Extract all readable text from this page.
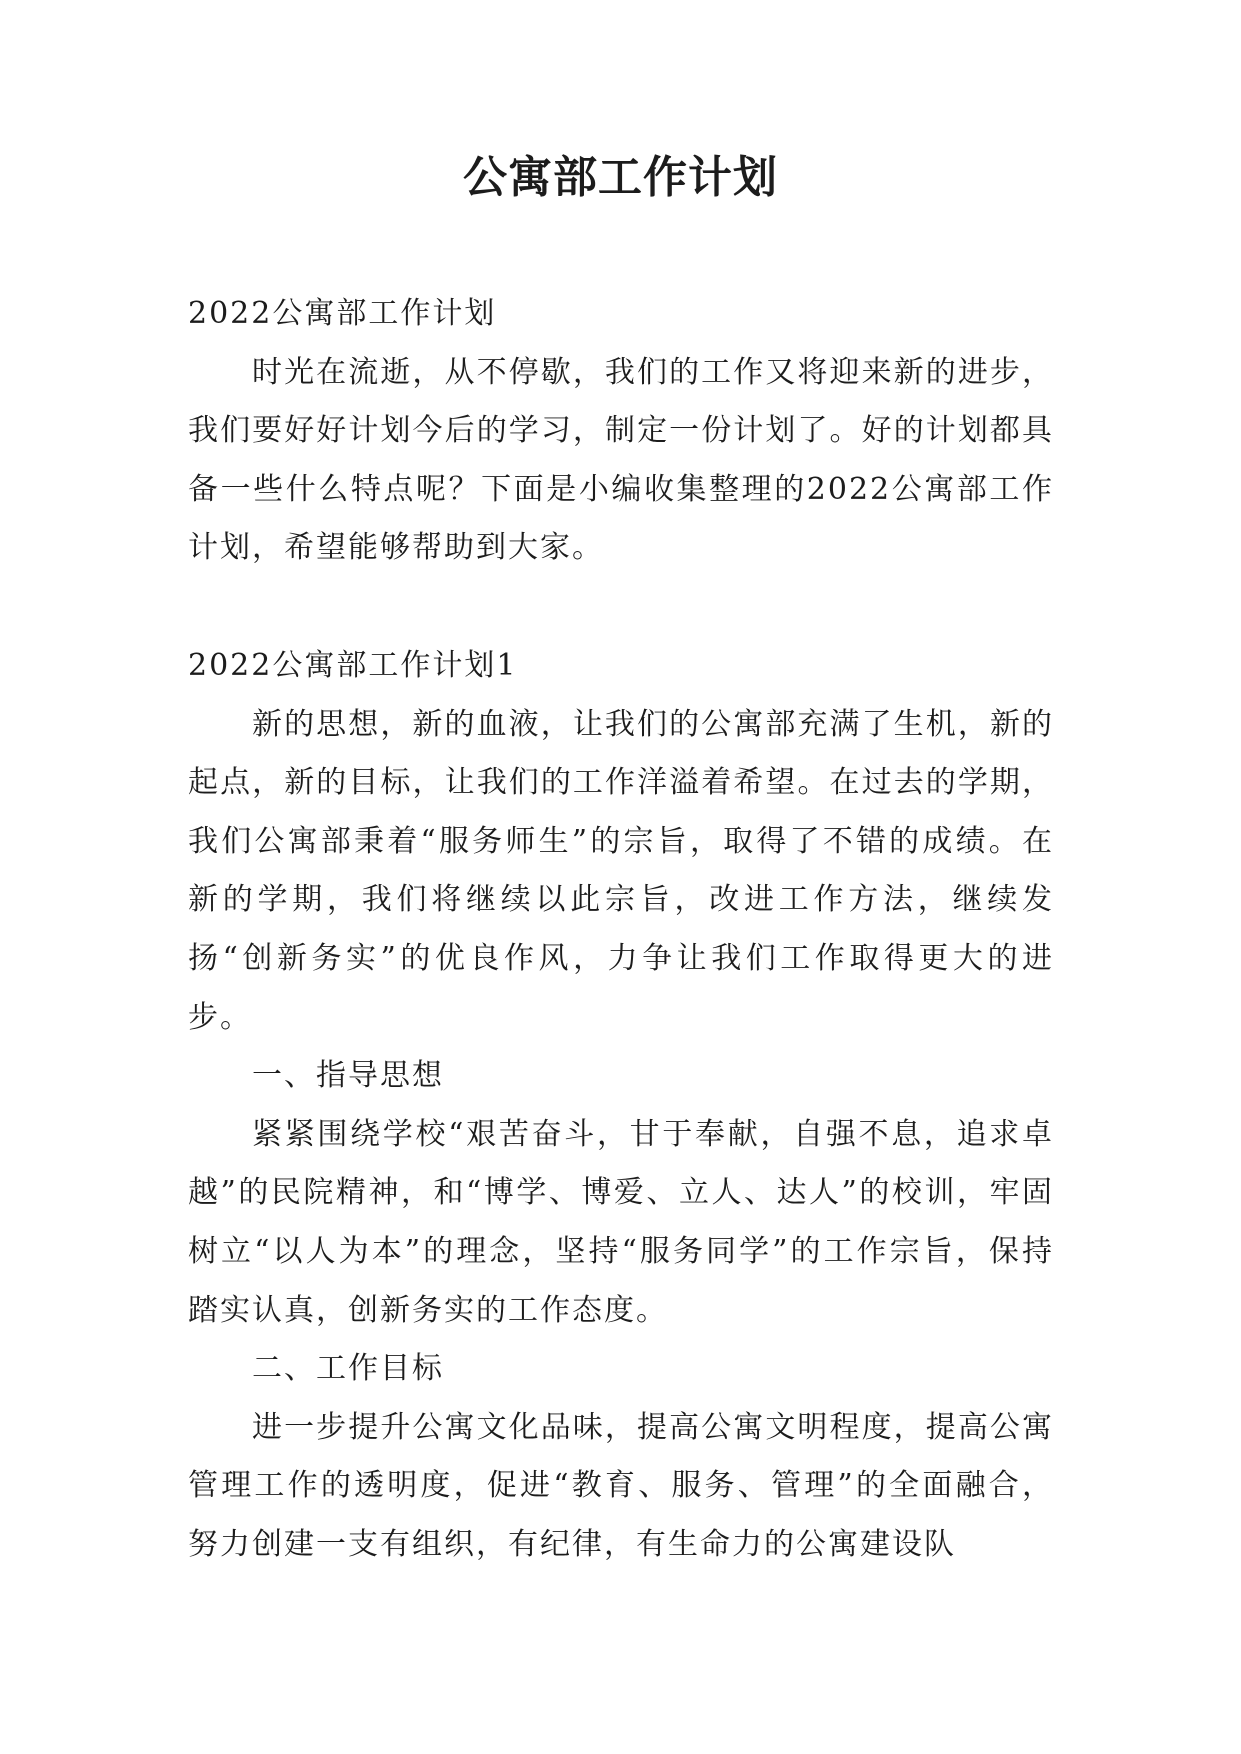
公寓部工作计划

2022公寓部工作计划

时光在流逝，从不停歇，我们的工作又将迎来新的进步，我们要好好计划今后的学习，制定一份计划了。好的计划都具备一些什么特点呢？下面是小编收集整理的2022公寓部工作计划，希望能够帮助到大家。

2022公寓部工作计划1

新的思想，新的血液，让我们的公寓部充满了生机，新的起点，新的目标，让我们的工作洋溢着希望。在过去的学期，我们公寓部秉着“服务师生”的宗旨，取得了不错的成绩。在新的学期，我们将继续以此宗旨，改进工作方法，继续发扬“创新务实”的优良作风，力争让我们工作取得更大的进步。

一、指导思想

紧紧围绕学校“艰苦奋斗，甘于奉献，自强不息，追求卓越”的民院精神，和“博学、博爱、立人、达人”的校训，牢固树立“以人为本”的理念，坚持“服务同学”的工作宗旨，保持踏实认真，创新务实的工作态度。

二、工作目标

进一步提升公寓文化品味，提高公寓文明程度，提高公寓管理工作的透明度，促进“教育、服务、管理”的全面融合，努力创建一支有组织，有纪律，有生命力的公寓建设队
